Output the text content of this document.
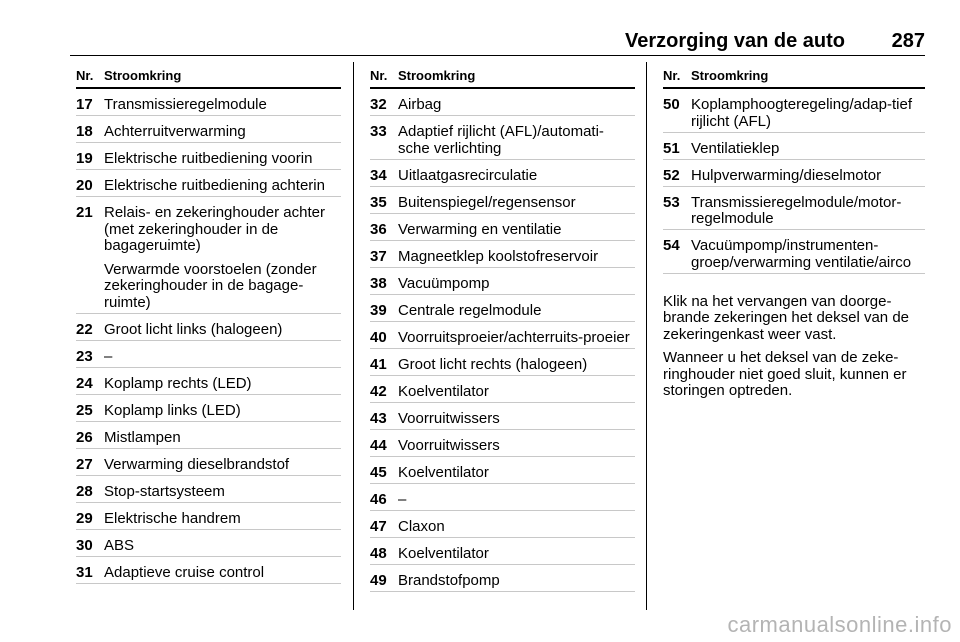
Verzorging van de auto 287
Nr. Stroomkring
17 Transmissieregelmodule

18 Achterruitverwarming

19 Elektrische ruitbediening voorin

20 Elektrische ruitbediening achterin

21 Relais- en zekeringhouder achter (met zekeringhouder in de bagageruimte)

Verwarmde voorstoelen (zonder zekeringhouder in de bagage-ruimte)

22 Groot licht links (halogeen)

23 –

24 Koplamp rechts (LED)

25 Koplamp links (LED)

26 Mistlampen

27 Verwarming dieselbrandstof

28 Stop-startsysteem

29 Elektrische handrem

30 ABS

31 Adaptieve cruise control

Nr. Stroomkring
32 Airbag

33 Adaptief rijlicht (AFL)/automati-sche verlichting

34 Uitlaatgasrecirculatie

35 Buitenspiegel/regensensor

36 Verwarming en ventilatie

37 Magneetklep koolstofreservoir

38 Vacuümpomp

39 Centrale regelmodule

40 Voorruitsproeier/achterruits-proeier

41 Groot licht rechts (halogeen)

42 Koelventilator

43 Voorruitwissers

44 Voorruitwissers

45 Koelventilator

46 –

47 Claxon

48 Koelventilator

49 Brandstofpomp

Nr. Stroomkring
50 Koplamphoogteregeling/adap-tief rijlicht (AFL)

51 Ventilatieklep

52 Hulpverwarming/dieselmotor

53 Transmissieregelmodule/motor-regelmodule

54 Vacuümpomp/instrumenten-groep/verwarming ventilatie/airco

Klik na het vervangen van doorge-brande zekeringen het deksel van de zekeringenkast weer vast.

Wanneer u het deksel van de zeke-ringhouder niet goed sluit, kunnen er storingen optreden.

carmanualsonline.info
